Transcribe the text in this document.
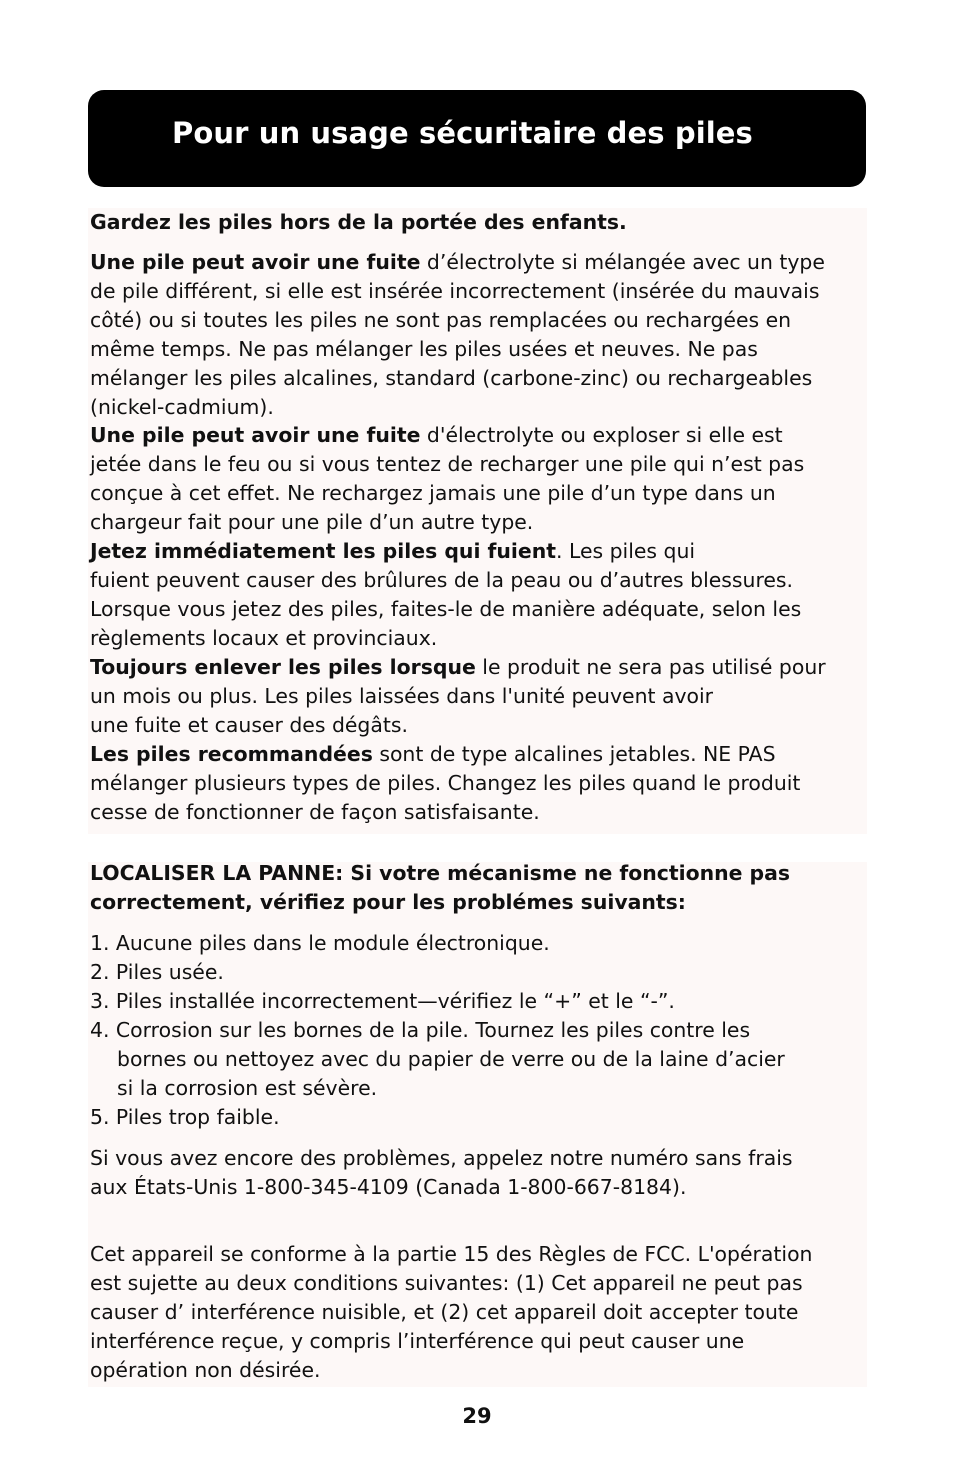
Pour un usage sécuritaire des piles

Gardez les piles hors de la portée des enfants.

Une pile peut avoir une fuite d’électrolyte si mélangée avec un type
de pile différent, si elle est insérée incorrectement (insérée du mauvais
côté) ou si toutes les piles ne sont pas remplacées ou rechargées en
même temps. Ne pas mélanger les piles usées et neuves. Ne pas
mélanger les piles alcalines, standard (carbone-zinc) ou rechargeables
(nickel-cadmium).

Une pile peut avoir une fuite d'électrolyte ou exploser si elle est
jetée dans le feu ou si vous tentez de recharger une pile qui n’est pas
conçue à cet effet. Ne rechargez jamais une pile d’un type dans un
chargeur fait pour une pile d’un autre type.

Jetez immédiatement les piles qui fuient. Les piles qui
fuient peuvent causer des brûlures de la peau ou d’autres blessures.
Lorsque vous jetez des piles, faites-le de manière adéquate, selon les
règlements locaux et provinciaux.

Toujours enlever les piles lorsque le produit ne sera pas utilisé pour
un mois ou plus. Les piles laissées dans l'unité peuvent avoir
une fuite et causer des dégâts.

Les piles recommandées sont de type alcalines jetables. NE PAS
mélanger plusieurs types de piles. Changez les piles quand le produit
cesse de fonctionner de façon satisfaisante.

LOCALISER LA PANNE: Si votre mécanisme ne fonctionne pas
correctement, vérifiez pour les problémes suivants:

1. Aucune piles dans le module électronique.
2. Piles usée.
3. Piles installée incorrectement—vérifiez le “+” et le “-”.
4. Corrosion sur les bornes de la pile. Tournez les piles contre les
bornes ou nettoyez avec du papier de verre ou de la laine d’acier
si la corrosion est sévère.
5. Piles trop faible.

Si vous avez encore des problèmes, appelez notre numéro sans frais
aux États-Unis 1-800-345-4109 (Canada 1-800-667-8184).

Cet appareil se conforme à la partie 15 des Règles de FCC. L'opération
est sujette au deux conditions suivantes: (1) Cet appareil ne peut pas
causer d’ interférence nuisible, et (2) cet appareil doit accepter toute
interférence reçue, y compris l’interférence qui peut causer une
opération non désirée.

29
